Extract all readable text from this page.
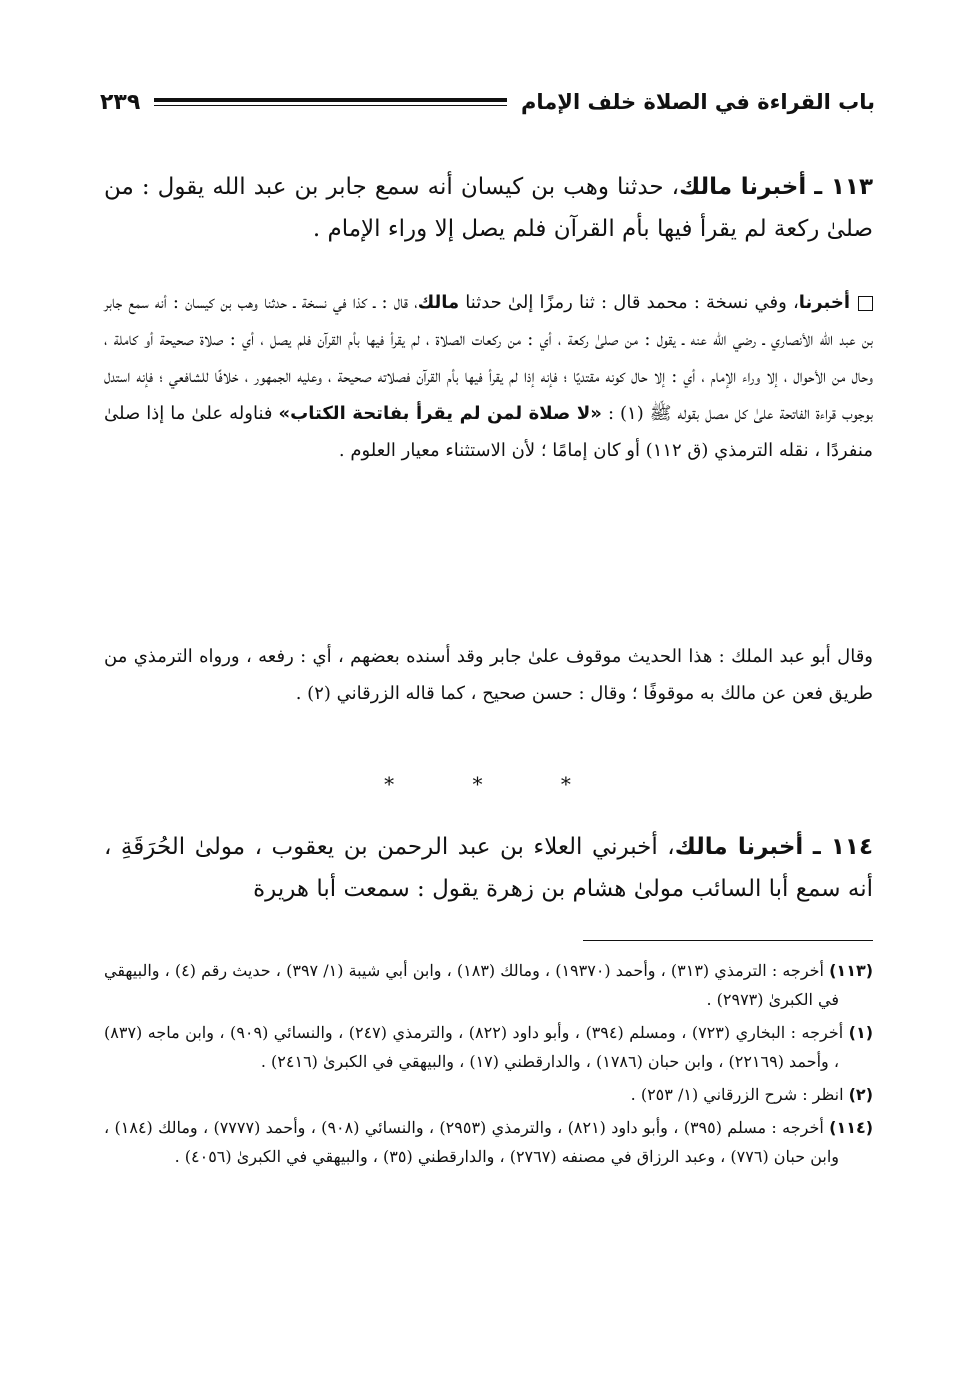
باب القراءة في الصلاة خلف الإمام
٢٣٩
١١٣ ـ أخبرنا مالك، حدثنا وهب بن كيسان أنه سمع جابر بن عبد الله يقول : من صلىٰ ركعة لم يقرأ فيها بأم القرآن فلم يصل إلا وراء الإمام .
أخبرنا، وفي نسخة : محمد قال : ثنا رمزًا إلىٰ حدثنا مالك، قال : ـ كذا في نسخة ـ حدثنا وهب بن كيسان : أنه سمع جابر بن عبد الله الأنصاري ـ رضي الله عنه ـ يقول : من صلىٰ ركعة ، أي : من ركعات الصلاة ، لم يقرأ فيها بأم القرآن فلم يصل ، أي : صلاة صحيحة أو كاملة ، وحال من الأحوال ، إلا وراء الإمام ، أي : إلا حال كونه مقتديًا ؛ فإنه إذا لم يقرأ فيها بأم القرآن فصلاته صحيحة ، وعليه الجمهور ، خلافًا للشافعي ؛ فإنه استدل بوجوب قراءة الفاتحة علىٰ كل مصل بقوله ﷺ (١) : «لا صلاة لمن لم يقرأ بفاتحة الكتاب» فناوله علىٰ ما إذا صلىٰ منفردًا ، نقله الترمذي (ق ١١٢) أو كان إمامًا ؛ لأن الاستثناء معيار العلوم .
وقال أبو عبد الملك : هذا الحديث موقوف علىٰ جابر وقد أسنده بعضهم ، أي : رفعه ، ورواه الترمذي من طريق فعن عن مالك به موقوفًا ؛ وقال : حسن صحيح ، كما قاله الزرقاني (٢) .
*	*	*
١١٤ ـ أخبرنا مالك، أخبرني العلاء بن عبد الرحمن بن يعقوب ، مولىٰ الحُرَقَةِ ، أنه سمع أبا السائب مولىٰ هشام بن زهرة يقول : سمعت أبا هريرة

(١١٣) أخرجه : الترمذي (٣١٣) ، وأحمد (١٩٣٧٠) ، ومالك (١٨٣) ، وابن أبي شيبة (١/ ٣٩٧) ، حديث رقم (٤) ، والبيهقي في الكبرىٰ (٢٩٧٣) .

(١) أخرجه : البخاري (٧٢٣) ، ومسلم (٣٩٤) ، وأبو داود (٨٢٢) ، والترمذي (٢٤٧) ، والنسائي (٩٠٩) ، وابن ماجه (٨٣٧) ، وأحمد (٢٢١٦٩) ، وابن حبان (١٧٨٦) ، والدارقطني (١٧) ، والبيهقي في الكبرىٰ (٢٤١٦) .

(٢) انظر : شرح الزرقاني (١/ ٢٥٣) .

(١١٤) أخرجه : مسلم (٣٩٥) ، وأبو داود (٨٢١) ، والترمذي (٢٩٥٣) ، والنسائي (٩٠٨) ، وأحمد (٧٧٧٧) ، ومالك (١٨٤) ، وابن حبان (٧٧٦) ، وعبد الرزاق في مصنفه (٢٧٦٧) ، والدارقطني (٣٥) ، والبيهقي في الكبرىٰ (٤٠٥٦) .
